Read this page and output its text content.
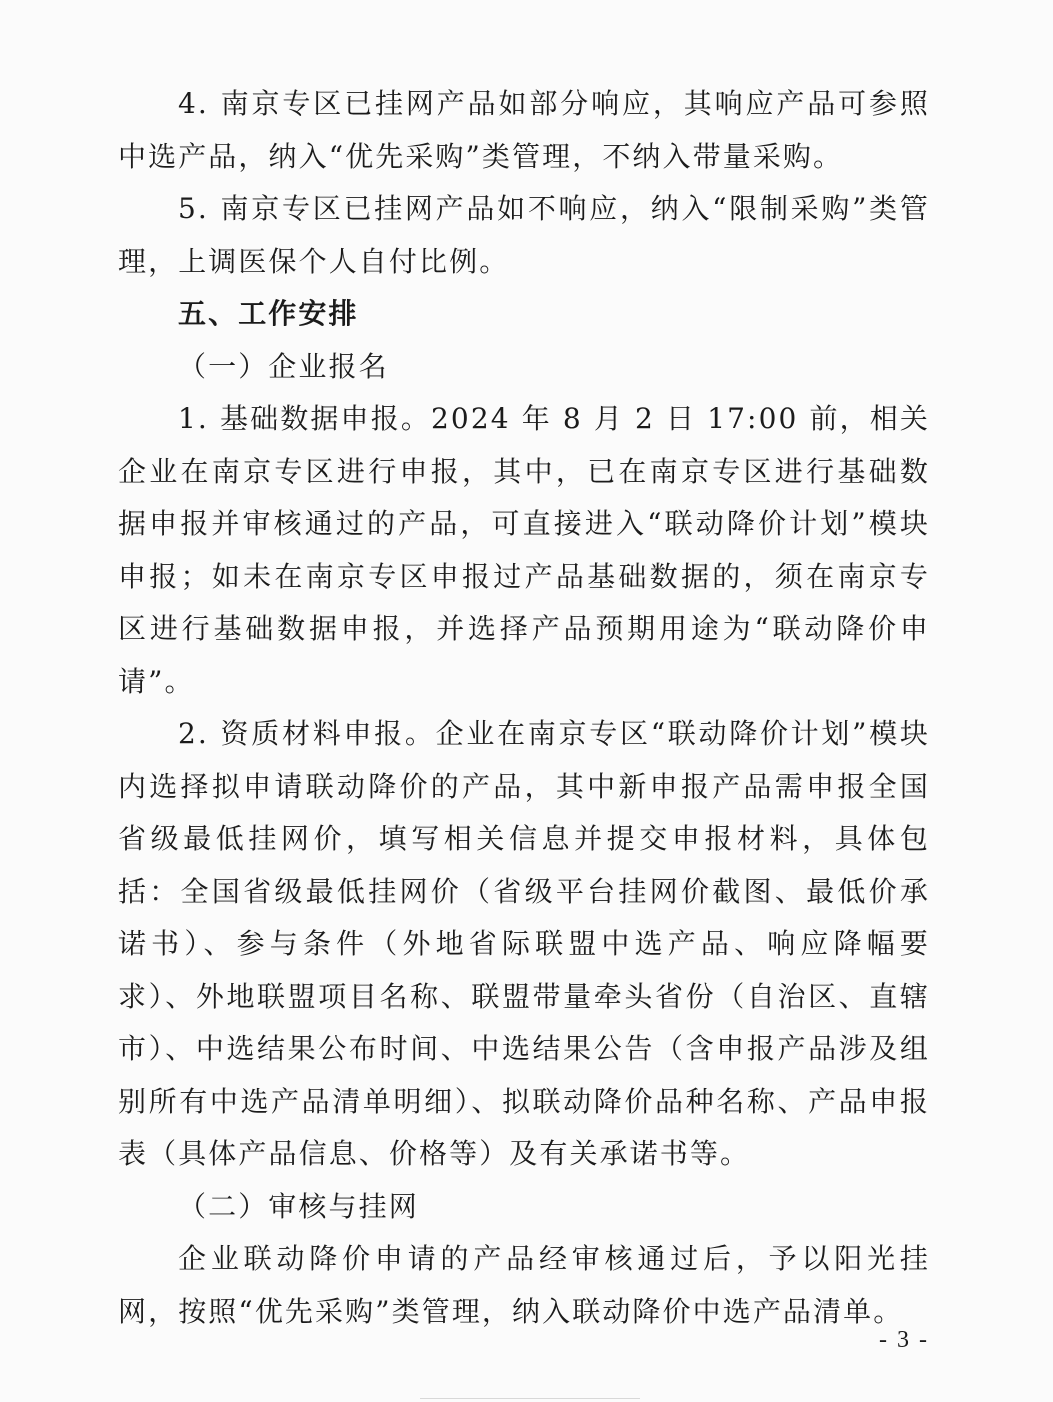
4. 南京专区已挂网产品如部分响应，其响应产品可参照中选产品，纳入“优先采购”类管理，不纳入带量采购。

5. 南京专区已挂网产品如不响应，纳入“限制采购”类管理，上调医保个人自付比例。

五、工作安排

（一）企业报名

1. 基础数据申报。2024 年 8 月 2 日 17:00 前，相关企业在南京专区进行申报，其中，已在南京专区进行基础数据申报并审核通过的产品，可直接进入“联动降价计划”模块申报；如未在南京专区申报过产品基础数据的，须在南京专区进行基础数据申报，并选择产品预期用途为“联动降价申请”。

2. 资质材料申报。企业在南京专区“联动降价计划”模块内选择拟申请联动降价的产品，其中新申报产品需申报全国省级最低挂网价，填写相关信息并提交申报材料，具体包括：全国省级最低挂网价（省级平台挂网价截图、最低价承诺书）、参与条件（外地省际联盟中选产品、响应降幅要求）、外地联盟项目名称、联盟带量牵头省份（自治区、直辖市）、中选结果公布时间、中选结果公告（含申报产品涉及组别所有中选产品清单明细）、拟联动降价品种名称、产品申报表（具体产品信息、价格等）及有关承诺书等。

（二）审核与挂网

企业联动降价申请的产品经审核通过后，予以阳光挂网，按照“优先采购”类管理，纳入联动降价中选产品清单。

- 3 -
